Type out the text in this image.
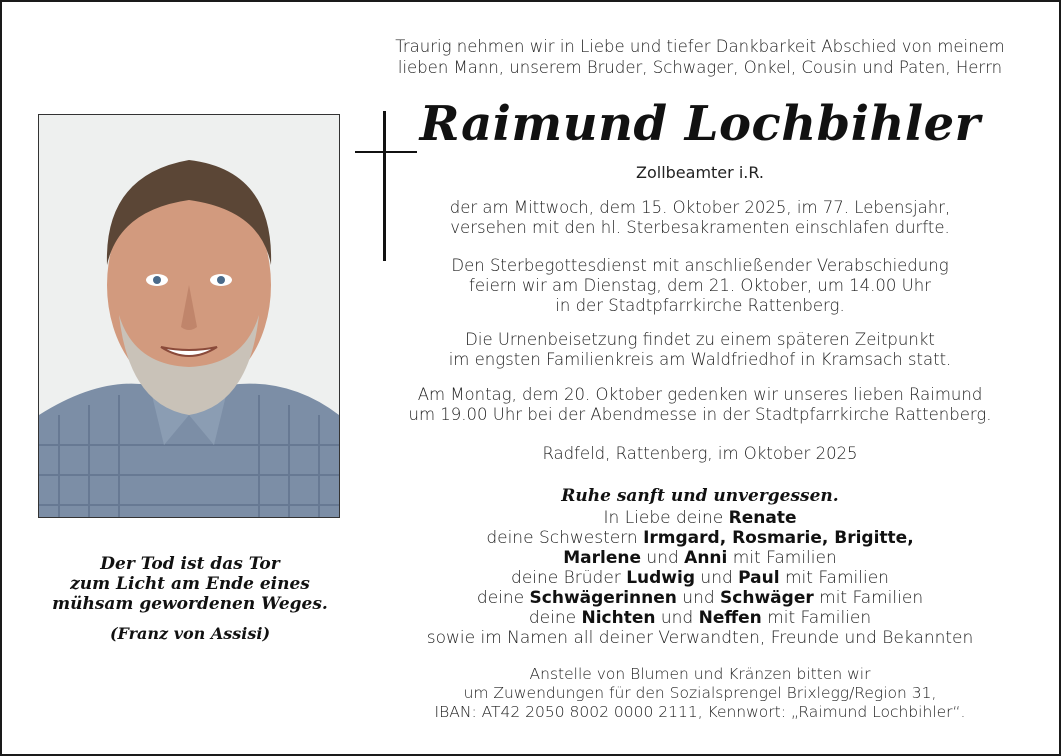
Traurig nehmen wir in Liebe und tiefer Dankbarkeit Abschied von meinem
lieben Mann, unserem Bruder, Schwager, Onkel, Cousin und Paten, Herrn
Raimund Lochbihler
Zollbeamter i.R.
der am Mittwoch, dem 15. Oktober 2025, im 77. Lebensjahr,
versehen mit den hl. Sterbesakramenten einschlafen durfte.
Den Sterbegottesdienst mit anschließender Verabschiedung
feiern wir am Dienstag, dem 21. Oktober, um 14.00 Uhr
in der Stadtpfarrkirche Rattenberg.
Die Urnenbeisetzung findet zu einem späteren Zeitpunkt
im engsten Familienkreis am Waldfriedhof in Kramsach statt.
Am Montag, dem 20. Oktober gedenken wir unseres lieben Raimund
um 19.00 Uhr bei der Abendmesse in der Stadtpfarrkirche Rattenberg.
Radfeld, Rattenberg, im Oktober 2025
Ruhe sanft und unvergessen.
In Liebe deine Renate
deine Schwestern Irmgard, Rosmarie, Brigitte,
Marlene und Anni mit Familien
deine Brüder Ludwig und Paul mit Familien
deine Schwägerinnen und Schwäger mit Familien
deine Nichten und Neffen mit Familien
sowie im Namen all deiner Verwandten, Freunde und Bekannten
Anstelle von Blumen und Kränzen bitten wir
um Zuwendungen für den Sozialsprengel Brixlegg/Region 31,
IBAN: AT42 2050 8002 0000 2111, Kennwort: „Raimund Lochbihler“.
Der Tod ist das Tor
zum Licht am Ende eines
mühsam gewordenen Weges.
(Franz von Assisi)
